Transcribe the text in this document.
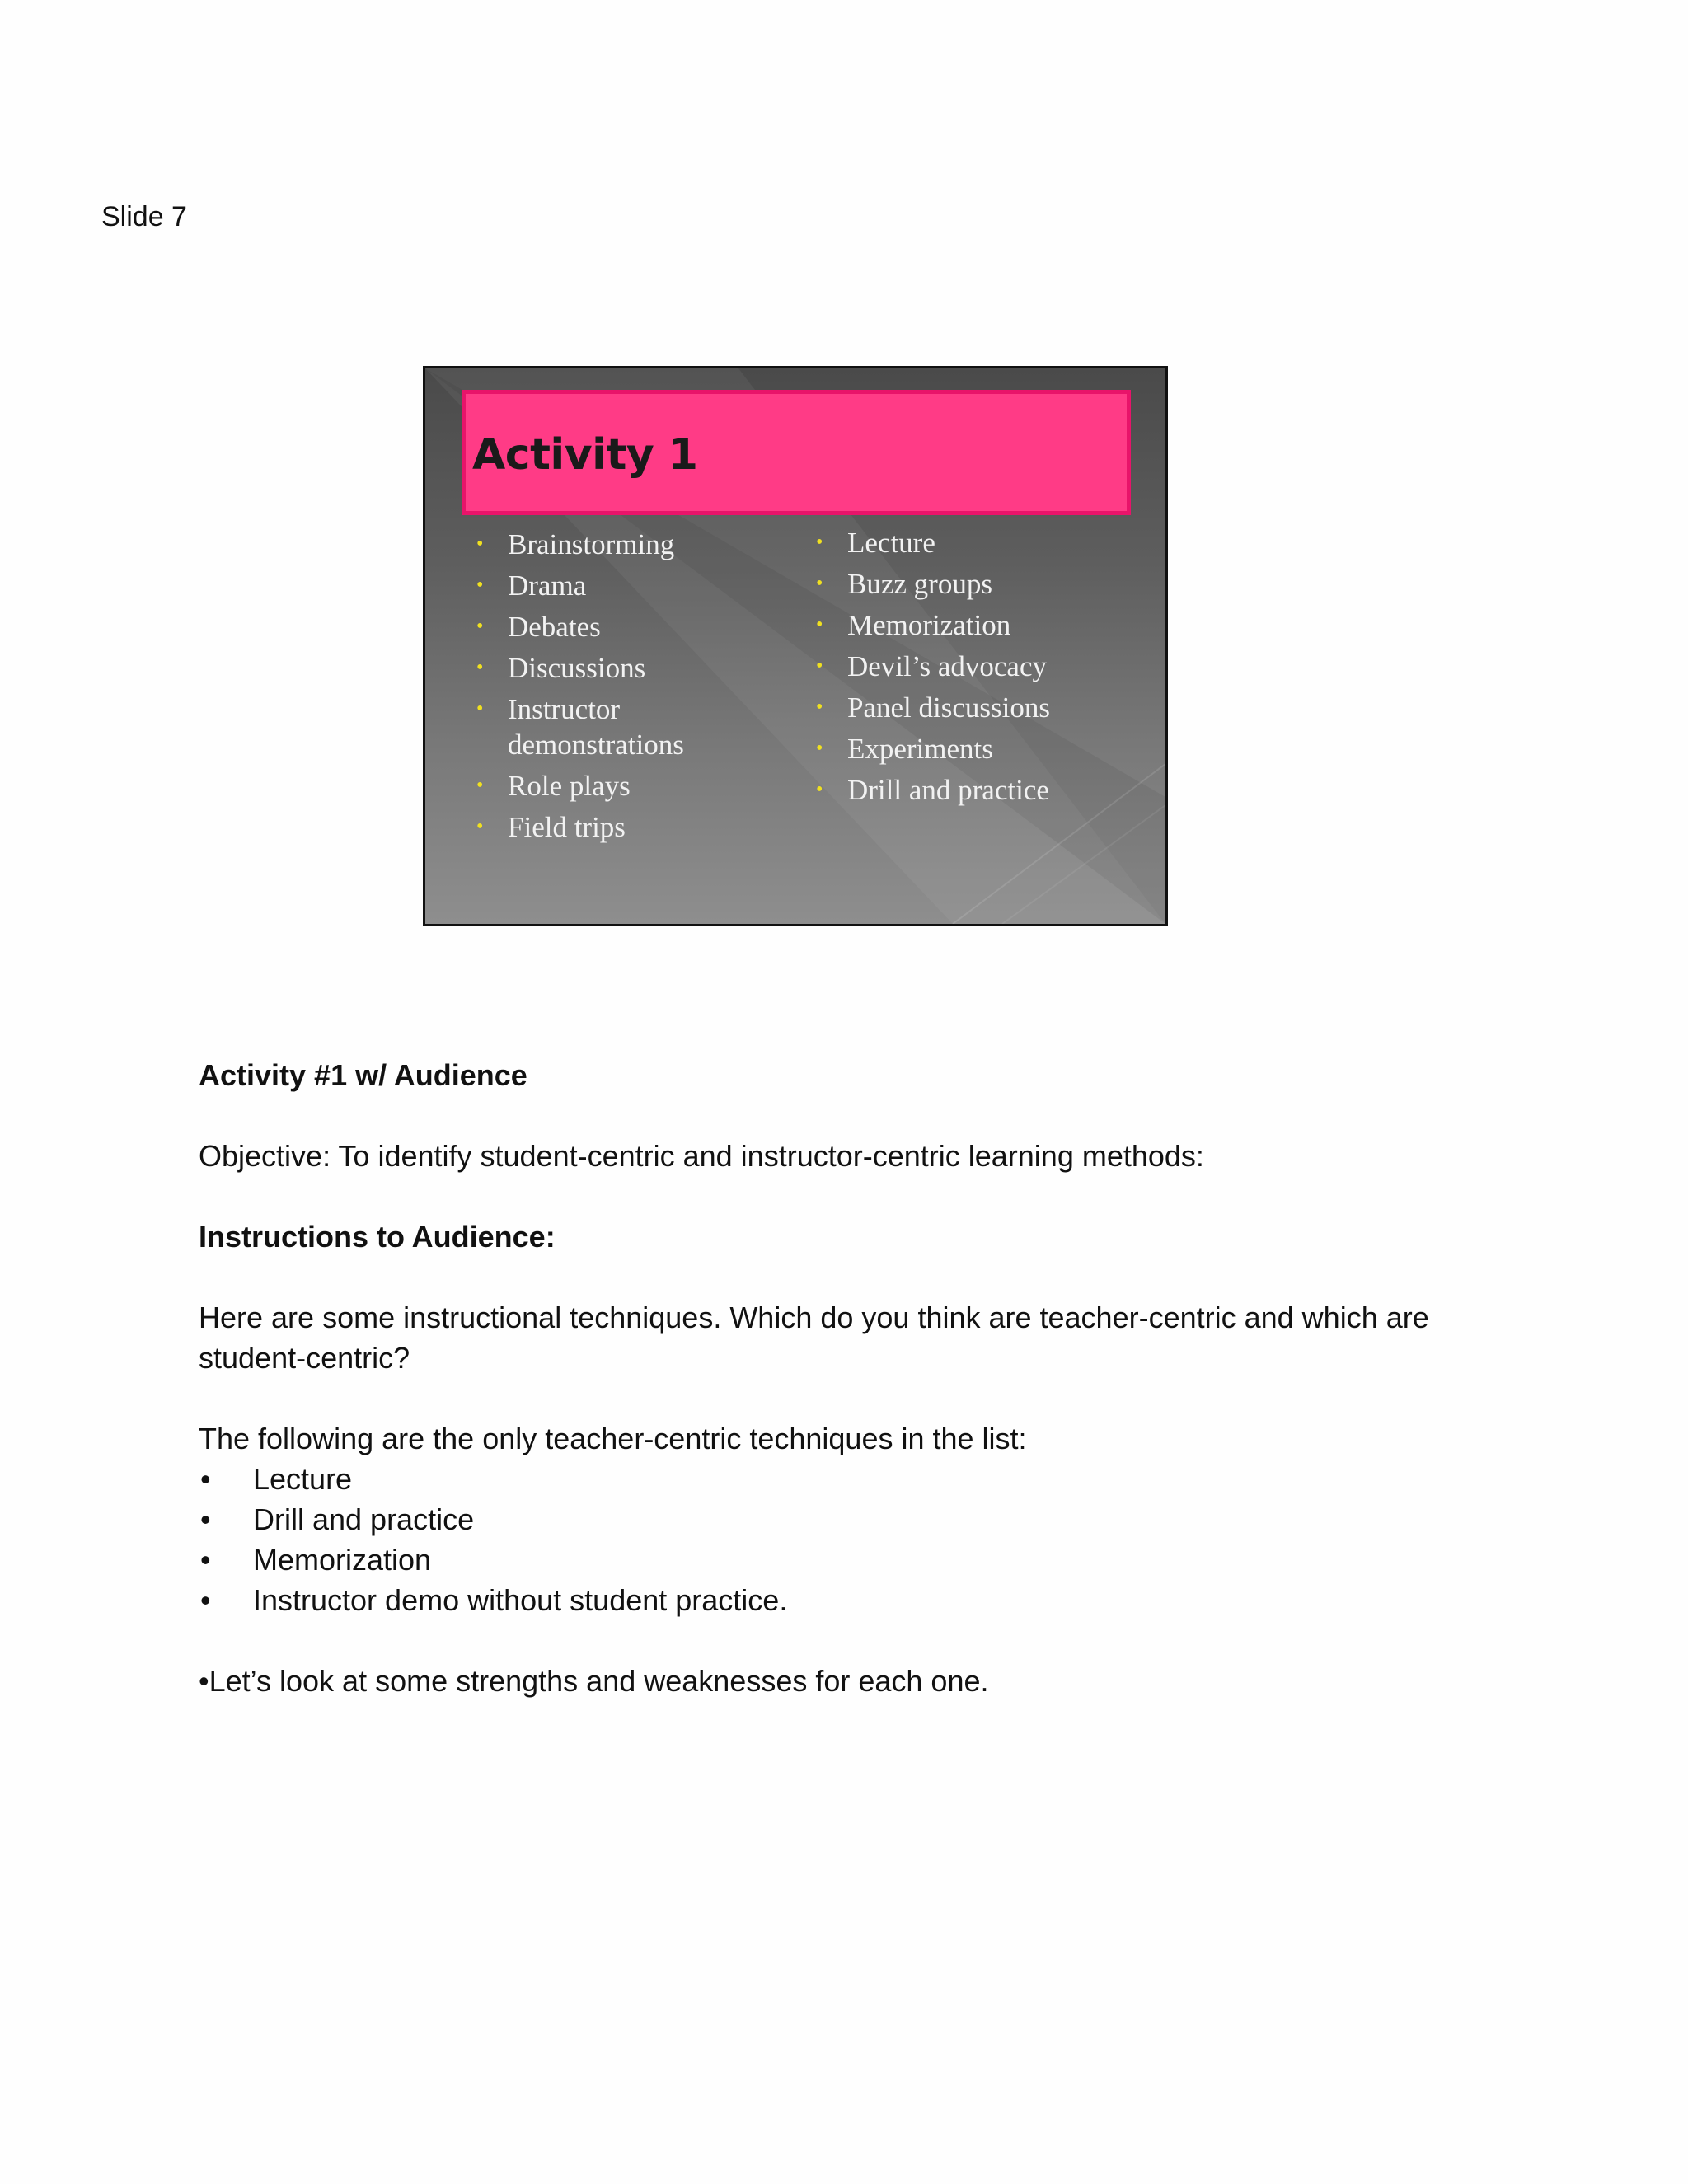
Slide 7
Activity 1
• Brainstorming
• Drama
• Debates
• Discussions
• Instructor demonstrations
• Role plays
• Field trips
• Lecture
• Buzz groups
• Memorization
• Devil’s advocacy
• Panel discussions
• Experiments
• Drill and practice

Activity #1 w/ Audience

Objective: To identify student-centric and instructor-centric learning methods:

Instructions to Audience:

Here are some instructional techniques. Which do you think are teacher-centric and which are student-centric?

The following are the only teacher-centric techniques in the list:

• Lecture
• Drill and practice
• Memorization
• Instructor demo without student practice.

•Let’s look at some strengths and weaknesses for each one.
